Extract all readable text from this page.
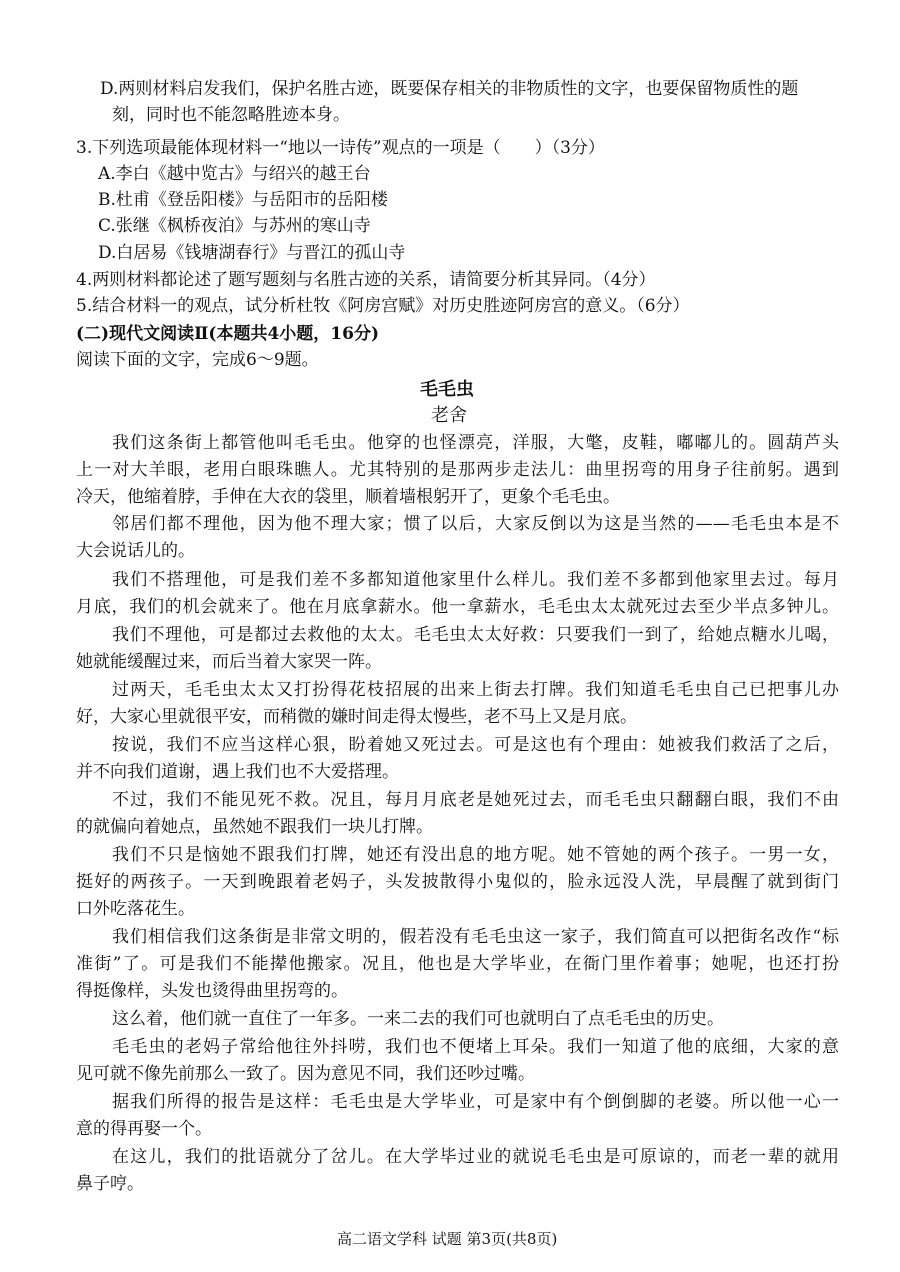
D.两则材料启发我们，保护名胜古迹，既要保存相关的非物质性的文字，也要保留物质性的题
刻，同时也不能忽略胜迹本身。
3.下列选项最能体现材料一“地以一诗传”观点的一项是（　　）（3分）
A.李白《越中览古》与绍兴的越王台
B.杜甫《登岳阳楼》与岳阳市的岳阳楼
C.张继《枫桥夜泊》与苏州的寒山寺
D.白居易《钱塘湖春行》与晋江的孤山寺
4.两则材料都论述了题写题刻与名胜古迹的关系，请简要分析其异同。（4分）
5.结合材料一的观点，试分析杜牧《阿房宫赋》对历史胜迹阿房宫的意义。（6分）
(二)现代文阅读Ⅱ(本题共4小题，16分)
阅读下面的文字，完成6～9题。
毛毛虫
老舍
我们这条街上都管他叫毛毛虫。他穿的也怪漂亮，洋服，大氅，皮鞋，嘟嘟儿的。圆葫芦头
上一对大羊眼，老用白眼珠瞧人。尤其特别的是那两步走法儿：曲里拐弯的用身子往前躬。遇到
冷天，他缩着脖，手伸在大衣的袋里，顺着墙根躬开了，更象个毛毛虫。
邻居们都不理他，因为他不理大家；惯了以后，大家反倒以为这是当然的——毛毛虫本是不
大会说话儿的。
我们不搭理他，可是我们差不多都知道他家里什么样儿。我们差不多都到他家里去过。每月
月底，我们的机会就来了。他在月底拿薪水。他一拿薪水，毛毛虫太太就死过去至少半点多钟儿。
我们不理他，可是都过去救他的太太。毛毛虫太太好救：只要我们一到了，给她点糖水儿喝，
她就能缓醒过来，而后当着大家哭一阵。
过两天，毛毛虫太太又打扮得花枝招展的出来上街去打牌。我们知道毛毛虫自己已把事儿办
好，大家心里就很平安，而稍微的嫌时间走得太慢些，老不马上又是月底。
按说，我们不应当这样心狠，盼着她又死过去。可是这也有个理由：她被我们救活了之后，
并不向我们道谢，遇上我们也不大爱搭理。
不过，我们不能见死不救。况且，每月月底老是她死过去，而毛毛虫只翻翻白眼，我们不由
的就偏向着她点，虽然她不跟我们一块儿打牌。
我们不只是恼她不跟我们打牌，她还有没出息的地方呢。她不管她的两个孩子。一男一女，
挺好的两孩子。一天到晚跟着老妈子，头发披散得小鬼似的，脸永远没人洗，早晨醒了就到街门
口外吃落花生。
我们相信我们这条街是非常文明的，假若没有毛毛虫这一家子，我们简直可以把街名改作“标
准街”了。可是我们不能撵他搬家。况且，他也是大学毕业，在衙门里作着事；她呢，也还打扮
得挺像样，头发也烫得曲里拐弯的。
这么着，他们就一直住了一年多。一来二去的我们可也就明白了点毛毛虫的历史。
毛毛虫的老妈子常给他往外抖唠，我们也不便堵上耳朵。我们一知道了他的底细，大家的意
见可就不像先前那么一致了。因为意见不同，我们还吵过嘴。
据我们所得的报告是这样：毛毛虫是大学毕业，可是家中有个倒倒脚的老婆。所以他一心一
意的得再娶一个。
在这儿，我们的批语就分了岔儿。在大学毕过业的就说毛毛虫是可原谅的，而老一辈的就用
鼻子哼。
高二语文学科 试题 第3页(共8页)
